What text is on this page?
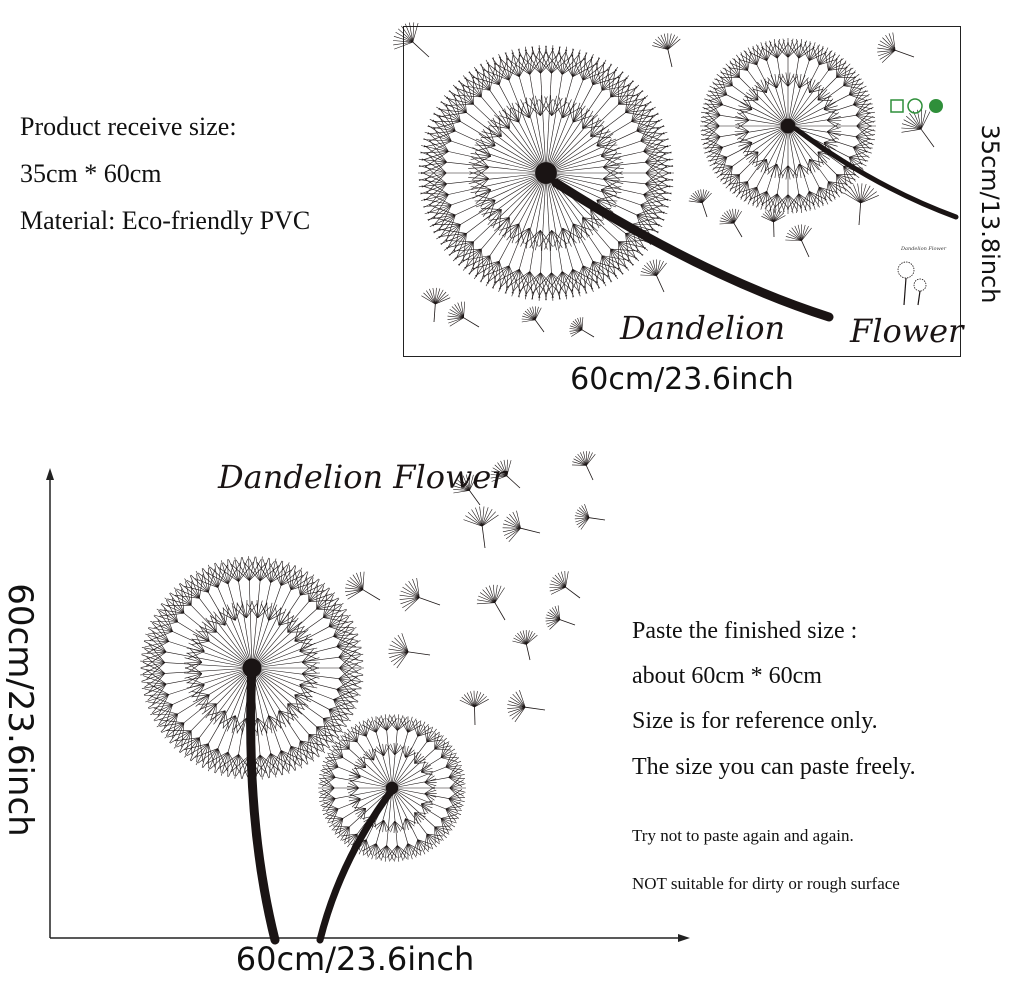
Product receive size:
35cm * 60cm
Material: Eco-friendly PVC
Dandelion Flower
Dandelion Flower
60cm/23.6inch
35cm/13.8inch
Dandelion Flower
60cm/23.6inch
60cm/23.6inch
Paste the finished size :
about 60cm * 60cm
Size is for reference only.
The size you can paste freely.
Try not to paste again and again.
NOT suitable for dirty or rough surface
